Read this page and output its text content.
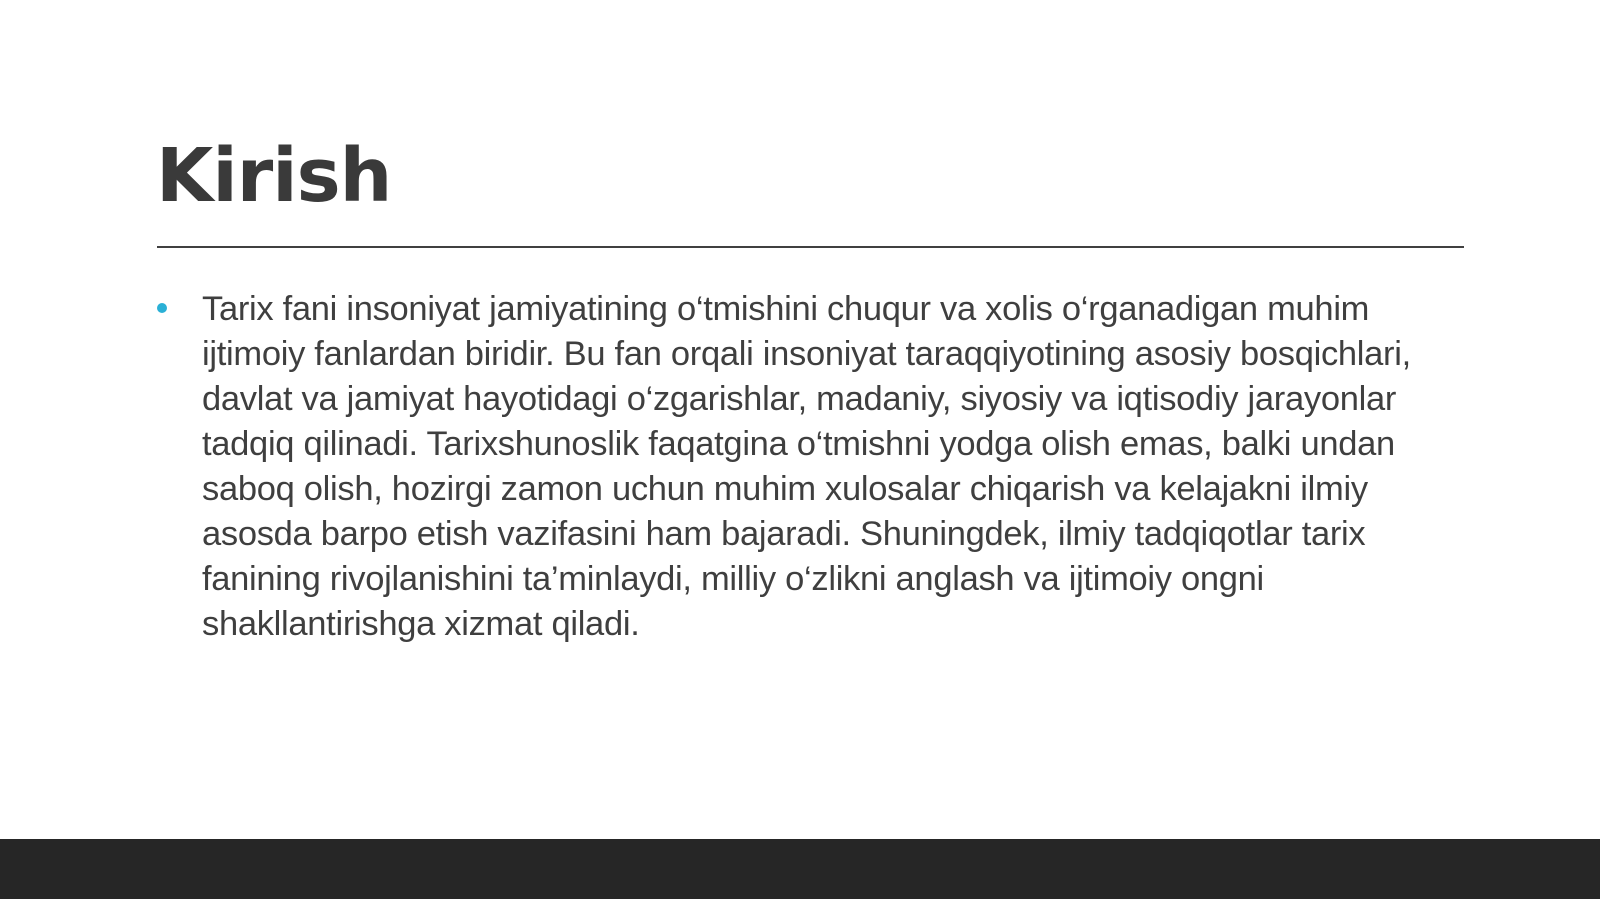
Kirish
Tarix fani insoniyat jamiyatining o‘tmishini chuqur va xolis o‘rganadigan muhim ijtimoiy fanlardan biridir. Bu fan orqali insoniyat taraqqiyotining asosiy bosqichlari, davlat va jamiyat hayotidagi o‘zgarishlar, madaniy, siyosiy va iqtisodiy jarayonlar tadqiq qilinadi. Tarixshunoslik faqatgina o‘tmishni yodga olish emas, balki undan saboq olish, hozirgi zamon uchun muhim xulosalar chiqarish va kelajakni ilmiy asosda barpo etish vazifasini ham bajaradi. Shuningdek, ilmiy tadqiqotlar tarix fanining rivojlanishini ta’minlaydi, milliy o‘zlikni anglash va ijtimoiy ongni shakllantirishga xizmat qiladi.
